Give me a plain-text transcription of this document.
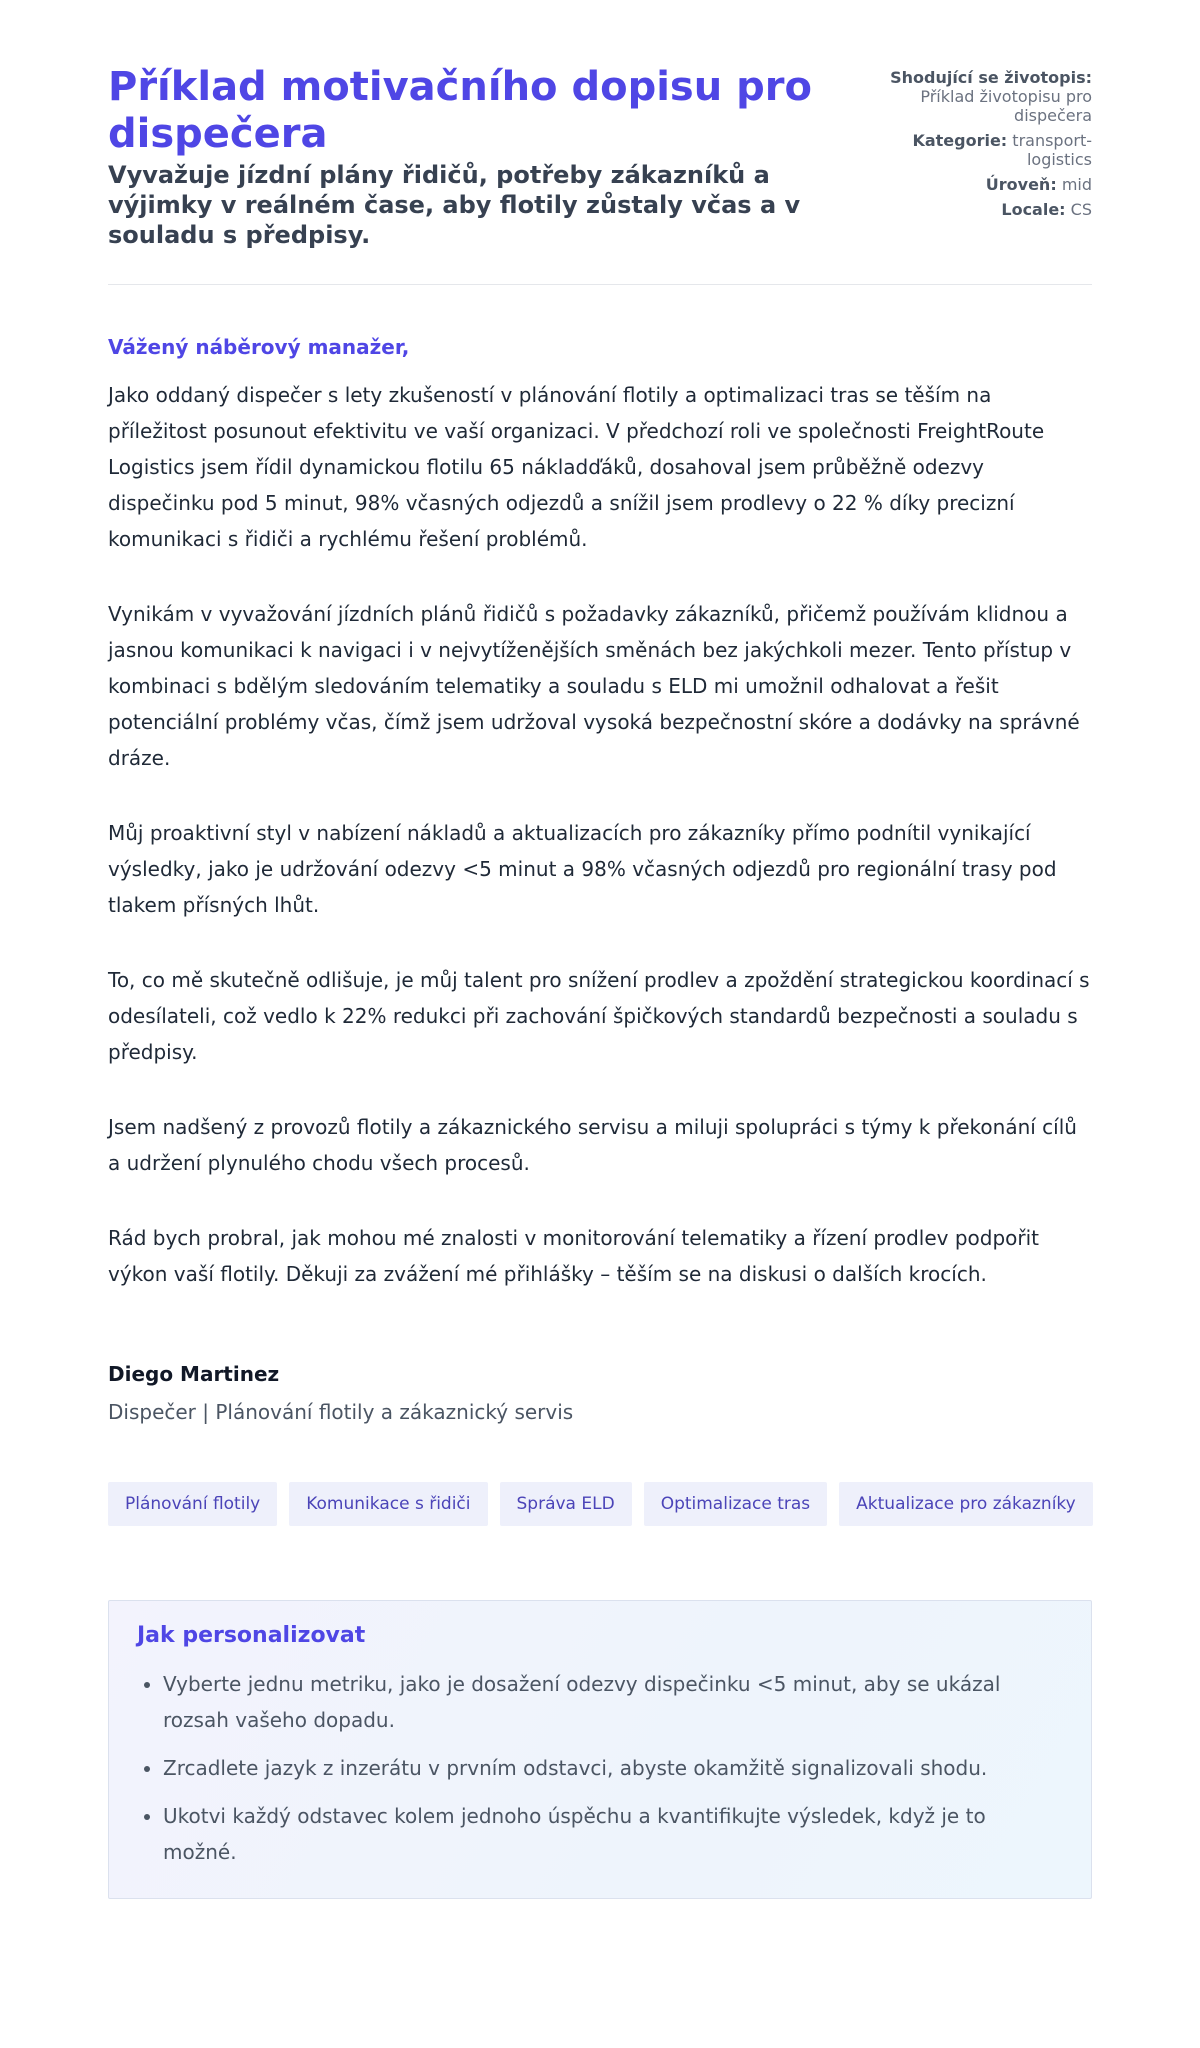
Příklad motivačního dopisu pro dispečera
Vyvažuje jízdní plány řidičů, potřeby zákazníků a výjimky v reálném čase, aby flotily zůstaly včas a v souladu s předpisy.
Shodující se životopis: Příklad životopisu pro dispečera
Kategorie: transport-logistics
Úroveň: mid
Locale: CS

Vážený náběrový manažer,

Jako oddaný dispečer s lety zkušeností v plánování flotily a optimalizaci tras se těším na příležitost posunout efektivitu ve vaší organizaci. V předchozí roli ve společnosti FreightRoute Logistics jsem řídil dynamickou flotilu 65 nákladďáků, dosahoval jsem průběžně odezvy dispečinku pod 5 minut, 98% včasných odjezdů a snížil jsem prodlevy o 22 % díky precizní komunikaci s řidiči a rychlému řešení problémů.

Vynikám v vyvažování jízdních plánů řidičů s požadavky zákazníků, přičemž používám klidnou a jasnou komunikaci k navigaci i v nejvytíženějších směnách bez jakýchkoli mezer. Tento přístup v kombinaci s bdělým sledováním telematiky a souladu s ELD mi umožnil odhalovat a řešit potenciální problémy včas, čímž jsem udržoval vysoká bezpečnostní skóre a dodávky na správné dráze.

Můj proaktivní styl v nabízení nákladů a aktualizacích pro zákazníky přímo podnítil vynikající výsledky, jako je udržování odezvy <5 minut a 98% včasných odjezdů pro regionální trasy pod tlakem přísných lhůt.

To, co mě skutečně odlišuje, je můj talent pro snížení prodlev a zpoždění strategickou koordinací s odesílateli, což vedlo k 22% redukci při zachování špičkových standardů bezpečnosti a souladu s předpisy.

Jsem nadšený z provozů flotily a zákaznického servisu a miluji spolupráci s týmy k překonání cílů a udržení plynulého chodu všech procesů.

Rád bych probral, jak mohou mé znalosti v monitorování telematiky a řízení prodlev podpořit výkon vaší flotily. Děkuji za zvážení mé přihlášky – těším se na diskusi o dalších krocích.

Diego Martinez

Dispečer | Plánování flotily a zákaznický servis

Plánování flotily	Komunikace s řidiči	Správa ELD	Optimalizace tras	Aktualizace pro zákazníky
Jak personalizovat
• Vyberte jednu metriku, jako je dosažení odezvy dispečinku <5 minut, aby se ukázal rozsah vašeho dopadu.
• Zrcadlete jazyk z inzerátu v prvním odstavci, abyste okamžitě signalizovali shodu.
• Ukotvi každý odstavec kolem jednoho úspěchu a kvantifikujte výsledek, když je to možné.
